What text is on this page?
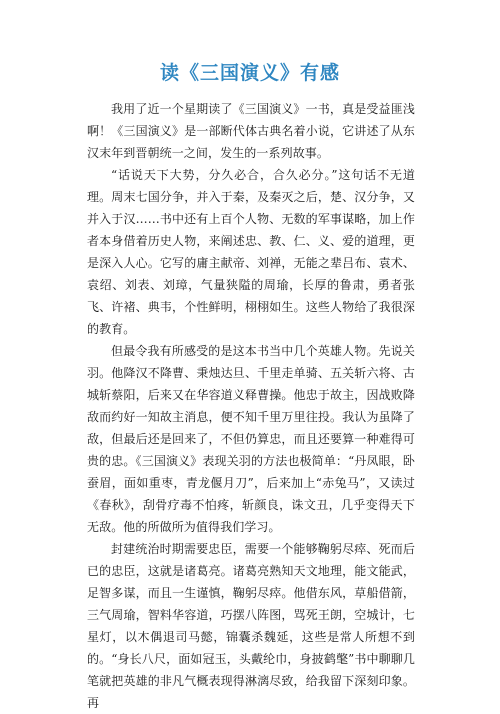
读《三国演义》有感

我用了近一个星期读了《三国演义》一书，真是受益匪浅啊！《三国演义》是一部断代体古典名着小说，它讲述了从东汉末年到晋朝统一之间，发生的一系列故事。

“话说天下大势，分久必合，合久必分。”这句话不无道理。周末七国分争，并入于秦，及秦灭之后，楚、汉分争，又并入于汉……书中还有上百个人物、无数的军事谋略，加上作者本身借着历史人物，来阐述忠、教、仁、义、爱的道理，更是深入人心。它写的庸主献帝、刘禅，无能之辈吕布、袁术、袁绍、刘表、刘璋，气量狭隘的周瑜，长厚的鲁肃，勇者张飞、许褚、典韦，个性鲜明，栩栩如生。这些人物给了我很深的教育。

但最令我有所感受的是这本书当中几个英雄人物。先说关羽。他降汉不降曹、秉烛达旦、千里走单骑、五关斩六将、古城斩蔡阳，后来又在华容道义释曹操。他忠于故主，因战败降敌而约好一知故主消息，便不知千里万里往投。我认为虽降了敌，但最后还是回来了，不但仍算忠，而且还要算一种难得可贵的忠。《三国演义》表现关羽的方法也极简单：“丹凤眼，卧蚕眉，面如重枣，青龙偃月刀”，后来加上“赤兔马”，又读过《春秋》，刮骨疗毒不怕疼，斩颜良，诛文丑，几乎变得天下无敌。他的所做所为值得我们学习。

封建统治时期需要忠臣，需要一个能够鞠躬尽瘁、死而后已的忠臣，这就是诸葛亮。诸葛亮熟知天文地理，能文能武，足智多谋，而且一生谨慎，鞠躬尽瘁。他借东风，草船借箭，三气周瑜，智料华容道，巧摆八阵图，骂死王朗，空城计，七星灯，以木偶退司马懿，锦囊杀魏延，这些是常人所想不到的。“身长八尺，面如冠玉，头戴纶巾，身披鹤氅”书中聊聊几笔就把英雄的非凡气概表现得淋漓尽致，给我留下深刻印象。再
